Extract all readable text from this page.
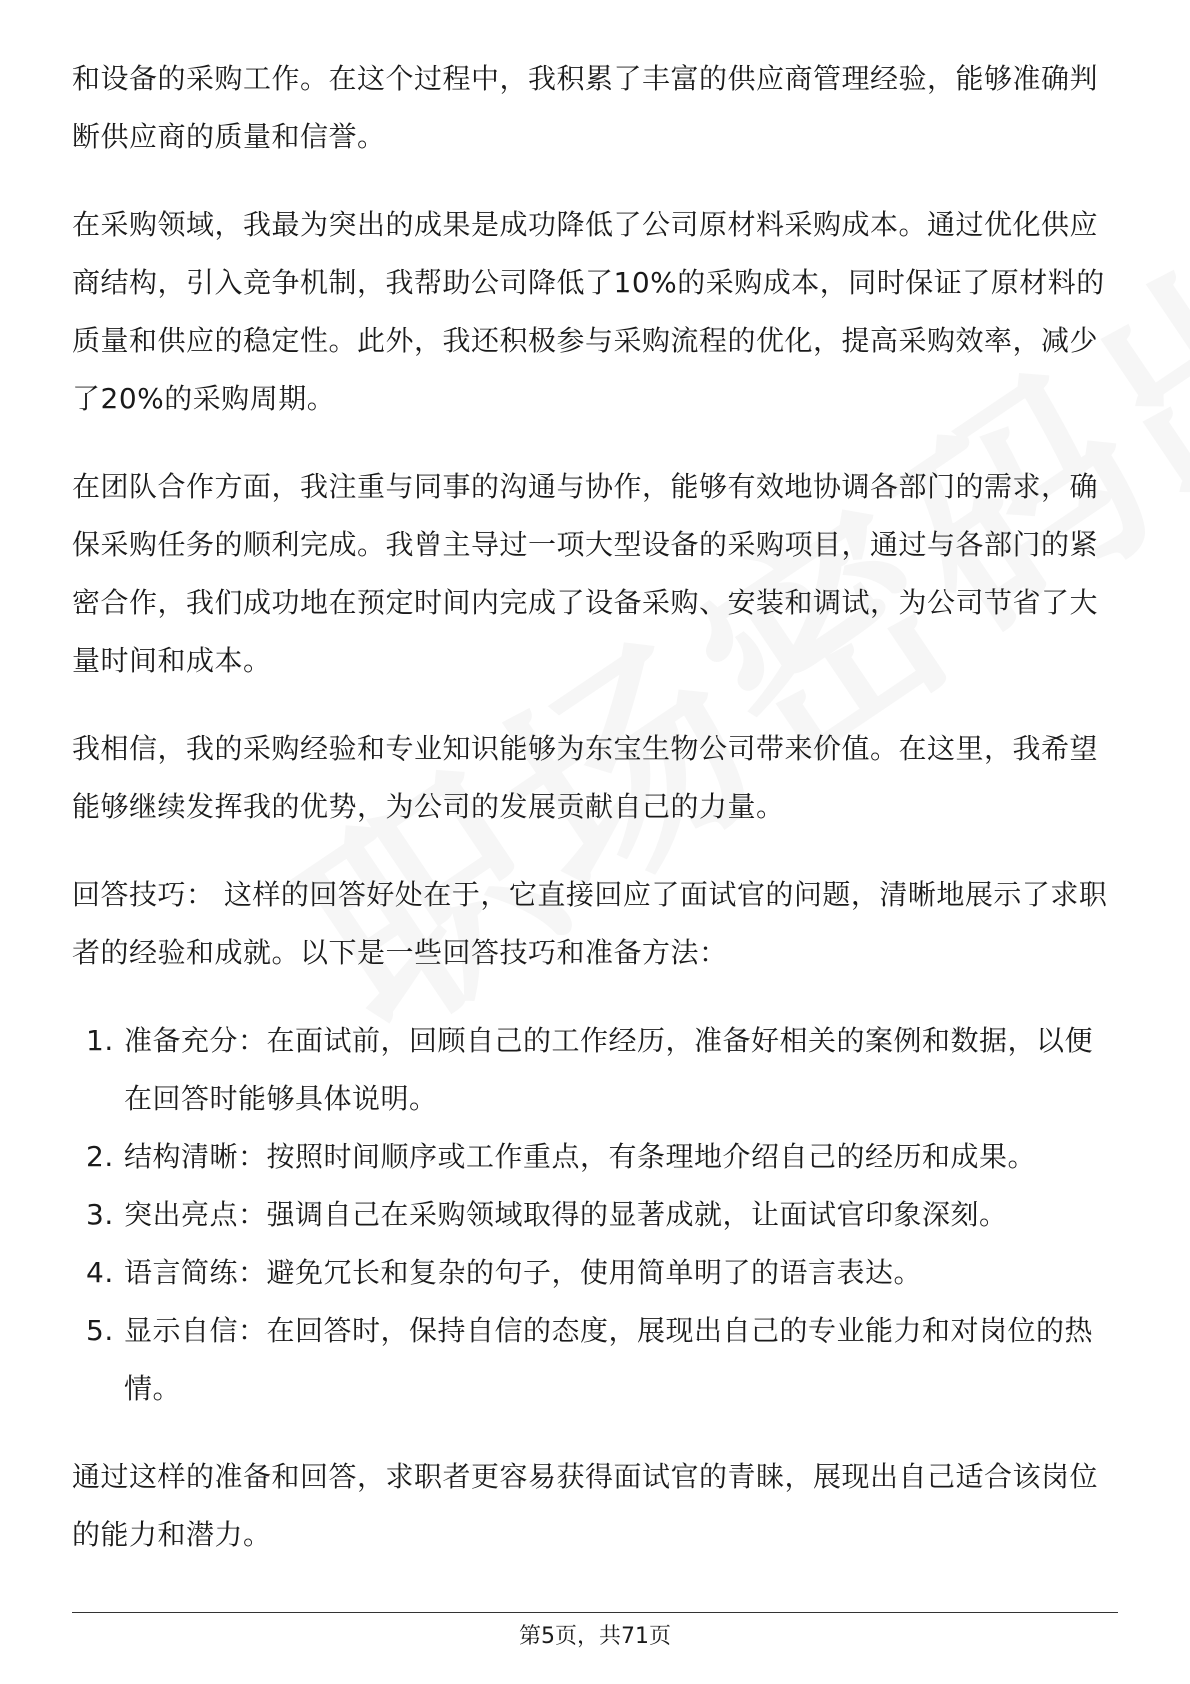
和设备的采购工作。在这个过程中，我积累了丰富的供应商管理经验，能够准确判断供应商的质量和信誉。

在采购领域，我最为突出的成果是成功降低了公司原材料采购成本。通过优化供应商结构，引入竞争机制，我帮助公司降低了10%的采购成本，同时保证了原材料的质量和供应的稳定性。此外，我还积极参与采购流程的优化，提高采购效率，减少了20%的采购周期。

在团队合作方面，我注重与同事的沟通与协作，能够有效地协调各部门的需求，确保采购任务的顺利完成。我曾主导过一项大型设备的采购项目，通过与各部门的紧密合作，我们成功地在预定时间内完成了设备采购、安装和调试，为公司节省了大量时间和成本。

我相信，我的采购经验和专业知识能够为东宝生物公司带来价值。在这里，我希望能够继续发挥我的优势，为公司的发展贡献自己的力量。

回答技巧： 这样的回答好处在于，它直接回应了面试官的问题，清晰地展示了求职者的经验和成就。以下是一些回答技巧和准备方法：

1. 准备充分：在面试前，回顾自己的工作经历，准备好相关的案例和数据，以便在回答时能够具体说明。
2. 结构清晰：按照时间顺序或工作重点，有条理地介绍自己的经历和成果。
3. 突出亮点：强调自己在采购领域取得的显著成就，让面试官印象深刻。
4. 语言简练：避免冗长和复杂的句子，使用简单明了的语言表达。
5. 显示自信：在回答时，保持自信的态度，展现出自己的专业能力和对岗位的热情。

通过这样的准备和回答，求职者更容易获得面试官的青睐，展现出自己适合该岗位的能力和潜力。

第5页，共71页
